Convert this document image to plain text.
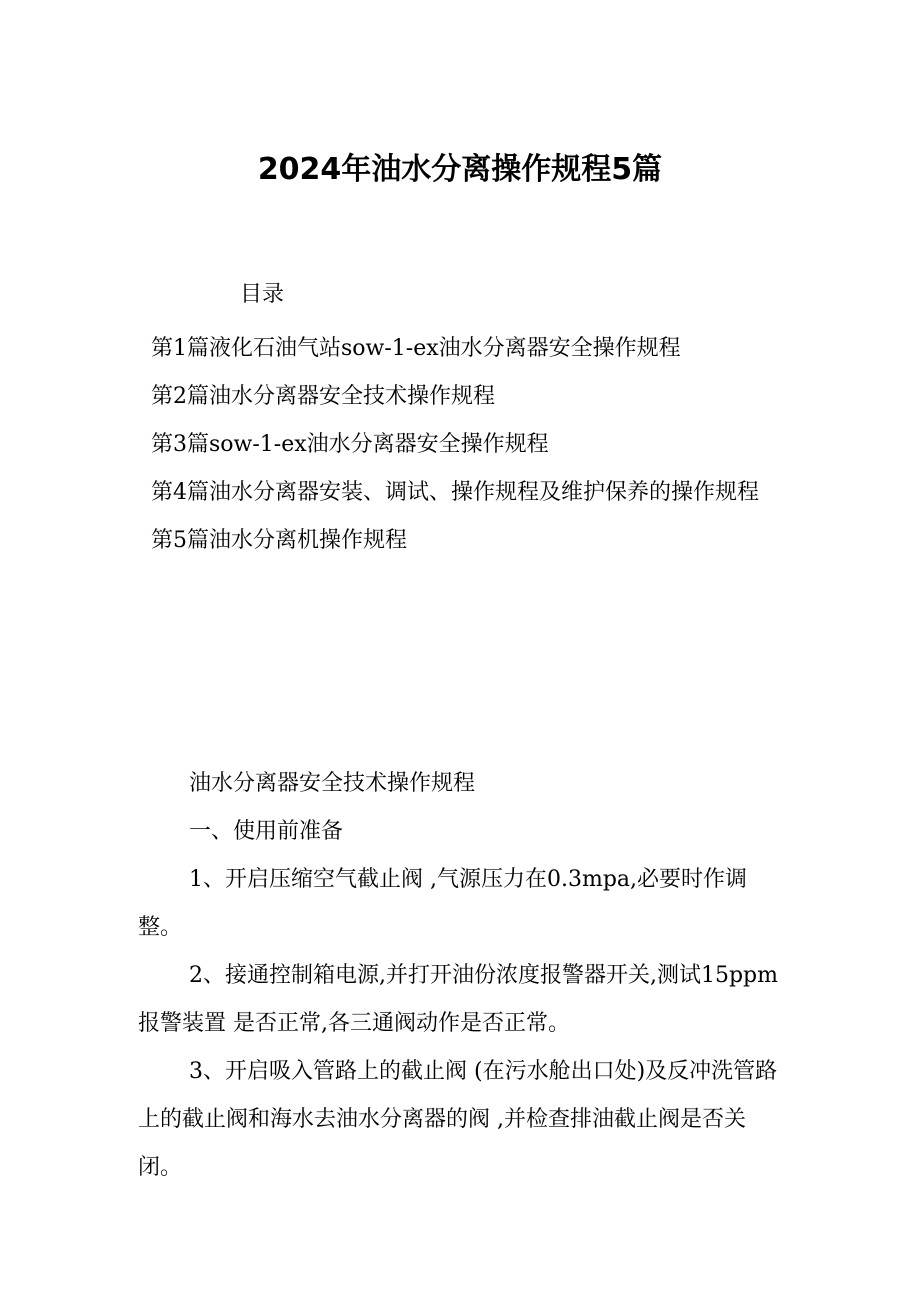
2024年油水分离操作规程5篇
目录
第1篇液化石油气站sow-1-ex油水分离器安全操作规程
第2篇油水分离器安全技术操作规程
第3篇sow-1-ex油水分离器安全操作规程
第4篇油水分离器安装、调试、操作规程及维护保养的操作规程
第5篇油水分离机操作规程

油水分离器安全技术操作规程

一、使用前准备

1、开启压缩空气截止阀 ,气源压力在0.3mpa,必要时作调整。

2、接通控制箱电源,并打开油份浓度报警器开关,测试15ppm报警装置 是否正常,各三通阀动作是否正常。

3、开启吸入管路上的截止阀 (在污水舱出口处)及反冲洗管路上的截止阀和海水去油水分离器的阀 ,并检查排油截止阀是否关闭。
